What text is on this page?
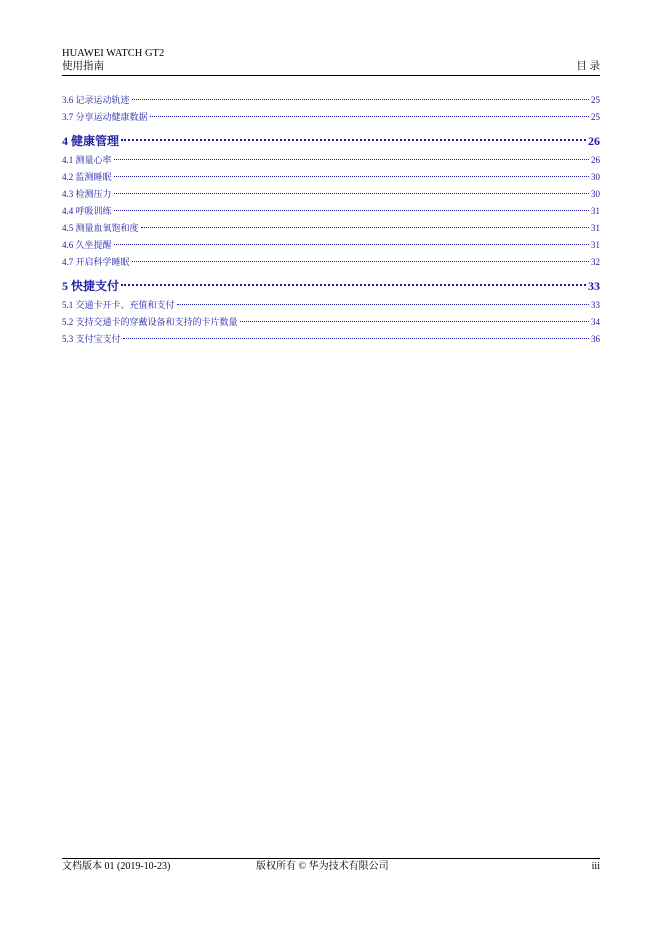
HUAWEI WATCH GT2
使用指南	目 录
3.6 记录运动轨迹	25
3.7 分享运动健康数据	25
4 健康管理	26
4.1 测量心率	26
4.2 监测睡眠	30
4.3 检测压力	30
4.4 呼吸训练	31
4.5 测量血氧饱和度	31
4.6 久坐提醒	31
4.7 开启科学睡眠	32
5 快捷支付	33
5.1 交通卡开卡、充值和支付	33
5.2 支持交通卡的穿戴设备和支持的卡片数量	34
5.3 支付宝支付	36
文档版本 01 (2019-10-23)	版权所有 © 华为技术有限公司	iii
